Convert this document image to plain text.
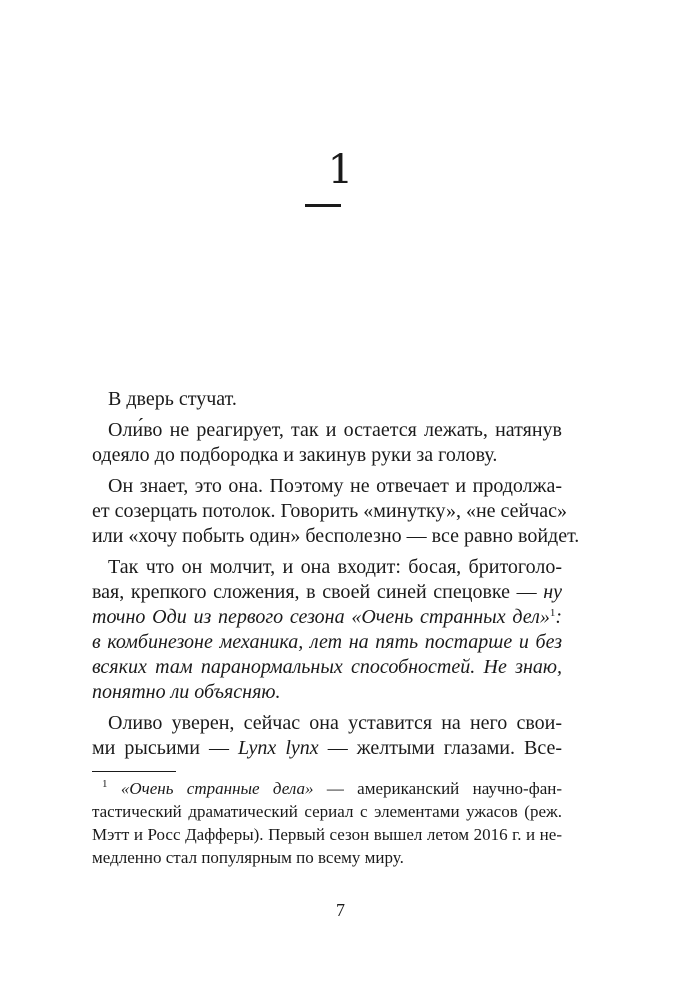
1
В дверь стучат.
Оли́во не реагирует, так и остается лежать, натянув
одеяло до подбородка и закинув руки за голову.
Он знает, это она. Поэтому не отвечает и продолжа-
ет созерцать потолок. Говорить «минутку», «не сейчас»
или «хочу побыть один» бесполезно — все равно войдет.
Так что он молчит, и она входит: босая, бритоголо-
вая, крепкого сложения, в своей синей спецовке — ну
точно Оди из первого сезона «Очень странных дел»$^1$:
в комбинезоне механика, лет на пять постарше и без
всяких там паранормальных способностей. Не знаю,
понятно ли объясняю.
Оливо уверен, сейчас она уставится на него свои-
ми рысьими — Lynx lynx — желтыми глазами. Все-
$^1$ «Очень странные дела» — американский научно-фан-
тастический драматический сериал с элементами ужасов (реж.
Мэтт и Росс Дафферы). Первый сезон вышел летом 2016 г. и не-
медленно стал популярным по всему миру.
7
